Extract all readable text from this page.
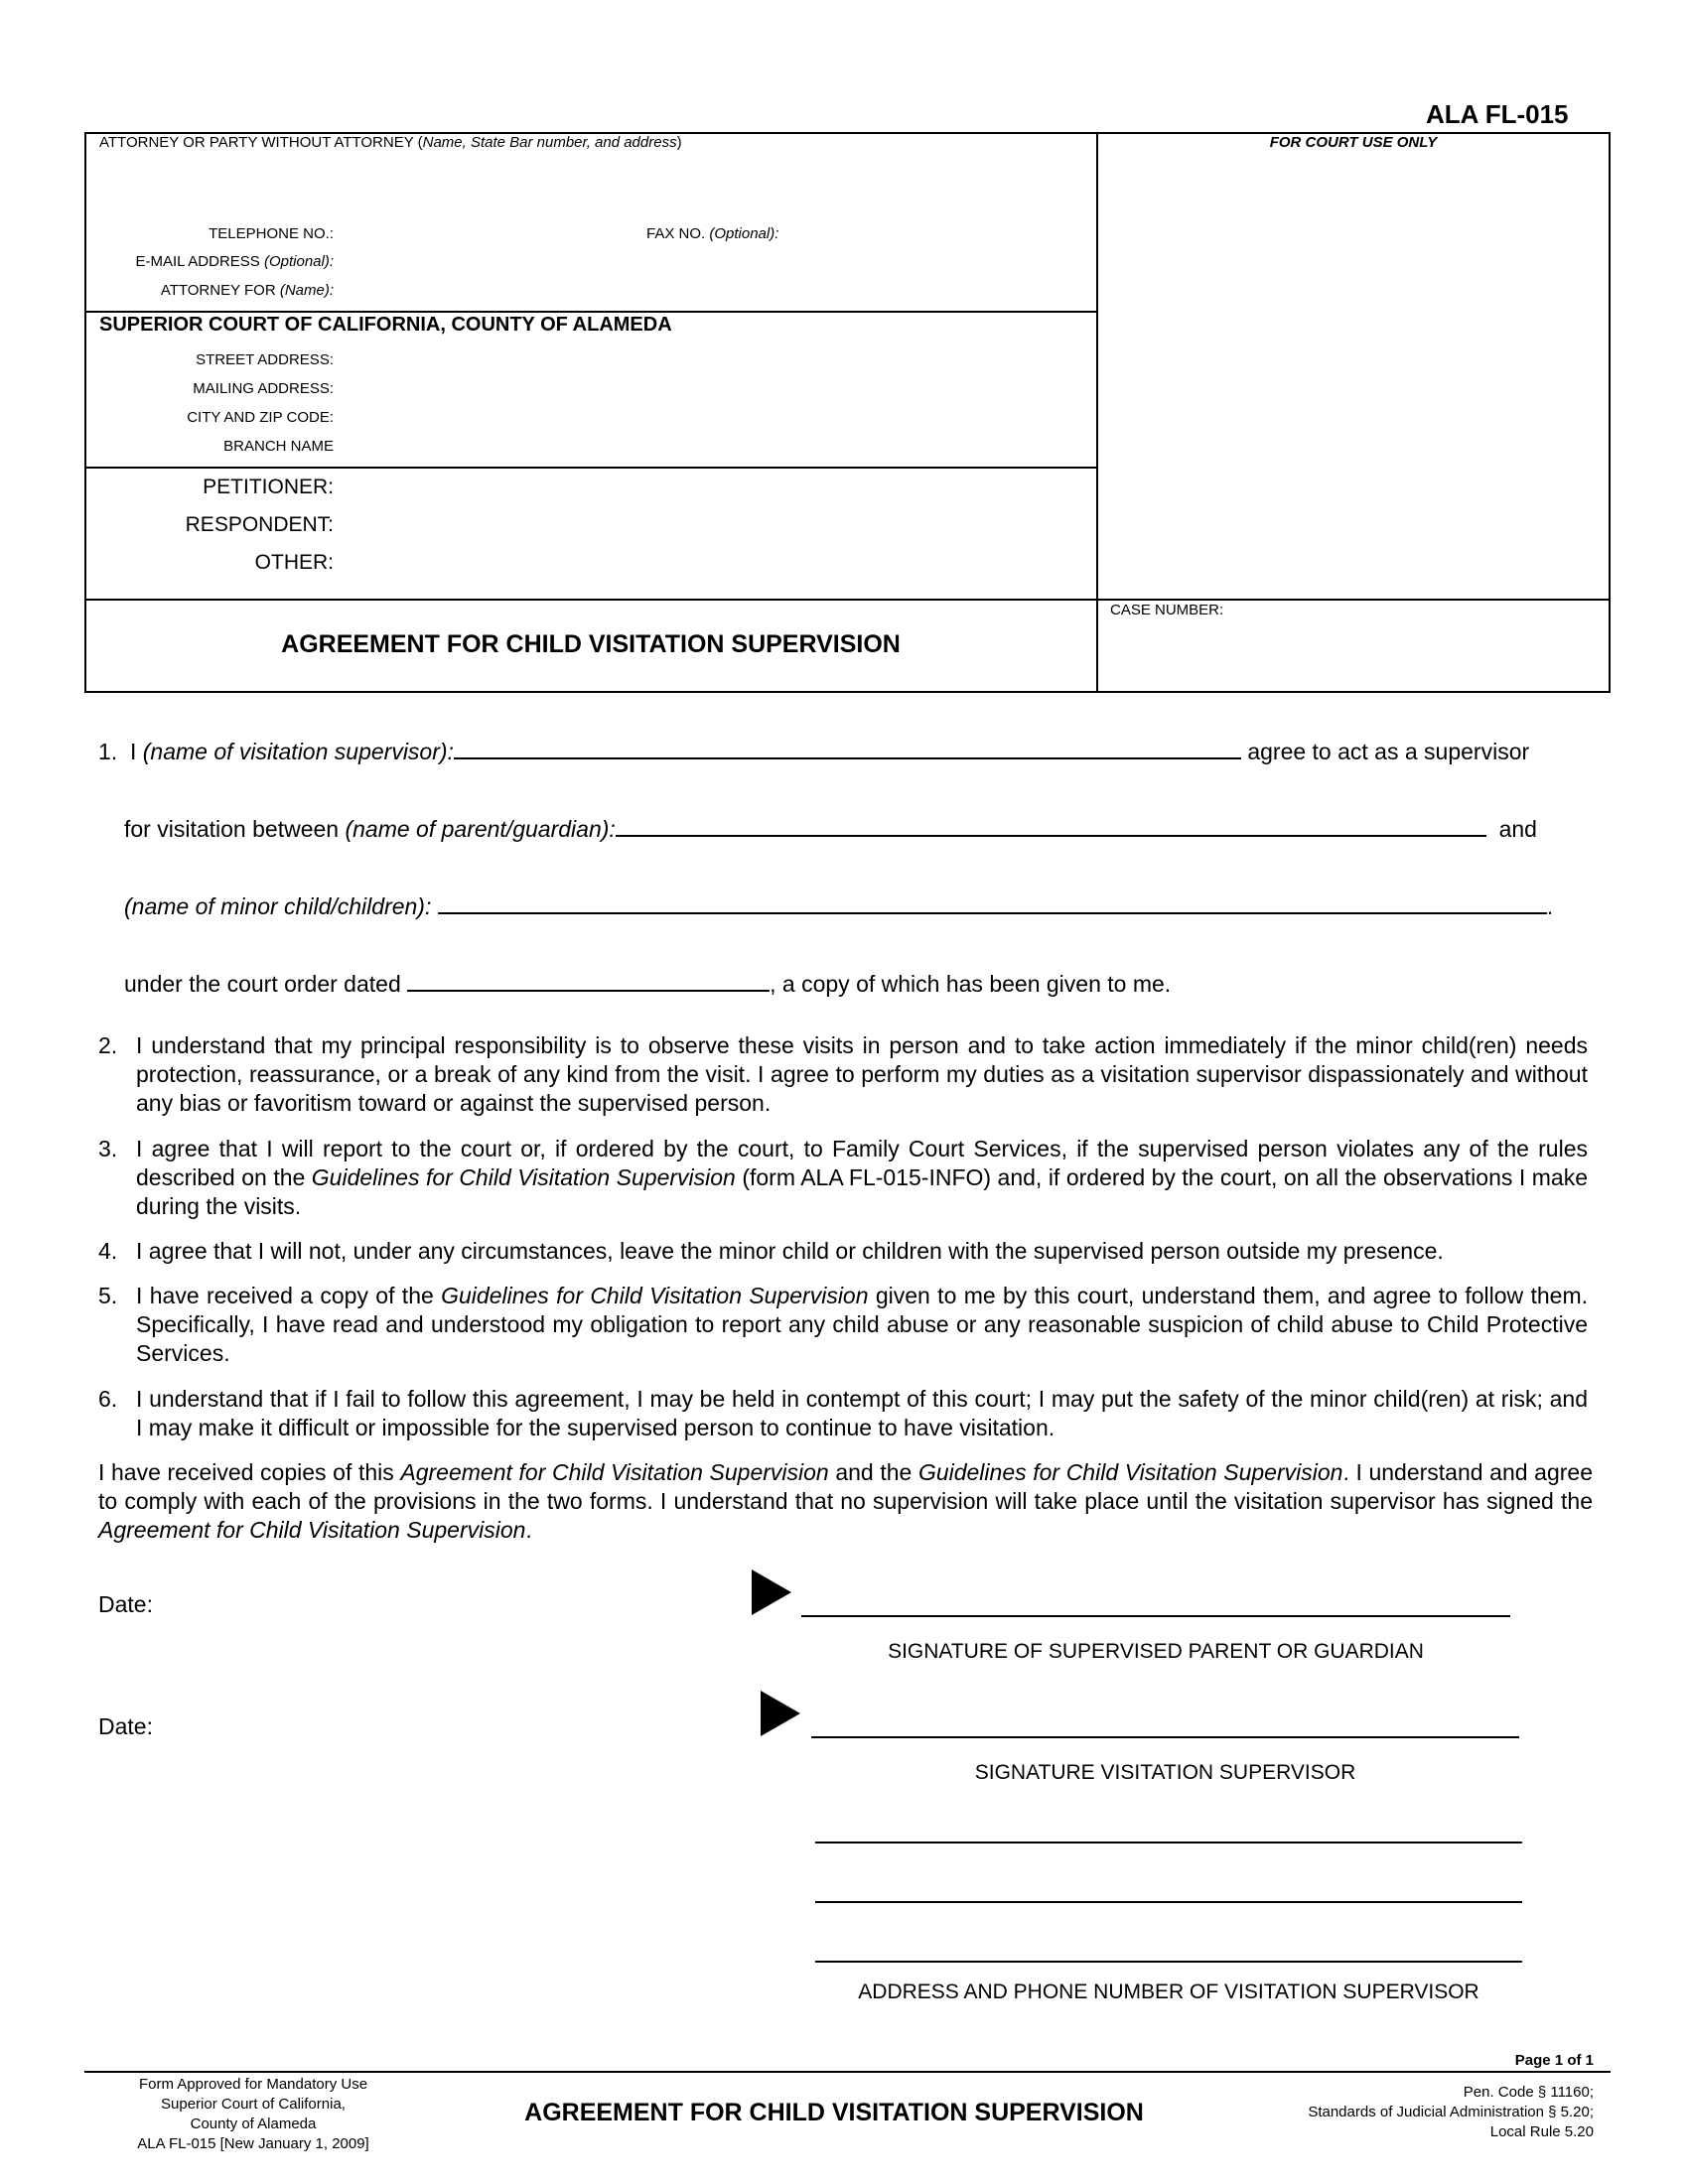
ALA FL-015
ATTORNEY OR PARTY WITHOUT ATTORNEY (Name, State Bar number, and address)	FOR COURT USE ONLY
TELEPHONE NO.:	FAX NO. (Optional):
E-MAIL ADDRESS (Optional):
ATTORNEY FOR (Name):
SUPERIOR COURT OF CALIFORNIA, COUNTY OF ALAMEDA
STREET ADDRESS:
MAILING ADDRESS:
CITY AND ZIP CODE:
BRANCH NAME
PETITIONER:
RESPONDENT:
OTHER:
CASE NUMBER:
AGREEMENT FOR CHILD VISITATION SUPERVISION
1. I (name of visitation supervisor):	agree to act as a supervisor
for visitation between (name of parent/guardian):	and
(name of minor child/children):	.
under the court order dated	, a copy of which has been given to me.
2. I understand that my principal responsibility is to observe these visits in person and to take action immediately if the minor child(ren) needs protection, reassurance, or a break of any kind from the visit. I agree to perform my duties as a visitation supervisor dispassionately and without any bias or favoritism toward or against the supervised person.
3. I agree that I will report to the court or, if ordered by the court, to Family Court Services, if the supervised person violates any of the rules described on the Guidelines for Child Visitation Supervision (form ALA FL-015-INFO) and, if ordered by the court, on all the observations I make during the visits.
4. I agree that I will not, under any circumstances, leave the minor child or children with the supervised person outside my presence.
5. I have received a copy of the Guidelines for Child Visitation Supervision given to me by this court, understand them, and agree to follow them. Specifically, I have read and understood my obligation to report any child abuse or any reasonable suspicion of child abuse to Child Protective Services.
6. I understand that if I fail to follow this agreement, I may be held in contempt of this court; I may put the safety of the minor child(ren) at risk; and I may make it difficult or impossible for the supervised person to continue to have visitation.
I have received copies of this Agreement for Child Visitation Supervision and the Guidelines for Child Visitation Supervision. I understand and agree to comply with each of the provisions in the two forms. I understand that no supervision will take place until the visitation supervisor has signed the Agreement for Child Visitation Supervision.
Date:
SIGNATURE OF SUPERVISED PARENT OR GUARDIAN
Date:
SIGNATURE VISITATION SUPERVISOR
ADDRESS AND PHONE NUMBER OF VISITATION SUPERVISOR
Page 1 of 1
Form Approved for Mandatory Use
Superior Court of California,
County of Alameda
ALA FL-015 [New January 1, 2009]
AGREEMENT FOR CHILD VISITATION SUPERVISION
Pen. Code § 11160;
Standards of Judicial Administration § 5.20;
Local Rule 5.20
